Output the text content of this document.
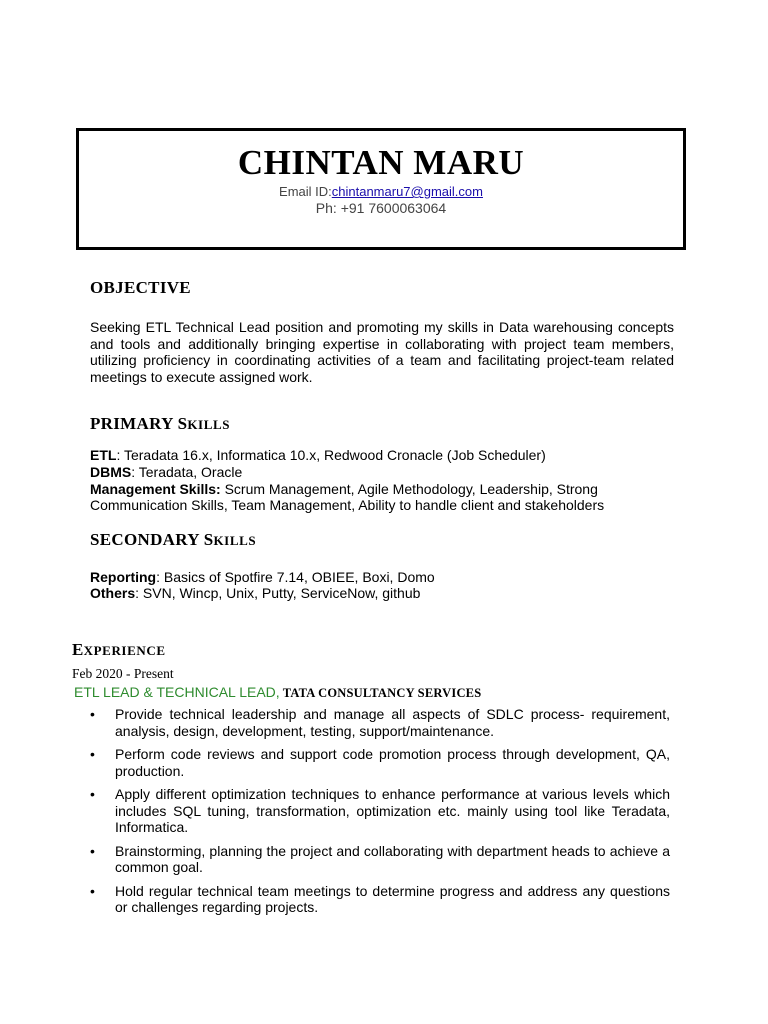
CHINTAN MARU
Email ID:chintanmaru7@gmail.com
Ph: +91 7600063064
OBJECTIVE
Seeking ETL Technical Lead position and promoting my skills in Data warehousing concepts and tools and additionally bringing expertise in collaborating with project team members, utilizing proficiency in coordinating activities of a team and facilitating project-team related meetings to execute assigned work.
PRIMARY SKILLS
ETL: Teradata 16.x, Informatica 10.x, Redwood Cronacle (Job Scheduler)
DBMS: Teradata, Oracle
Management Skills: Scrum Management, Agile Methodology, Leadership, Strong
Communication Skills, Team Management, Ability to handle client and stakeholders
SECONDARY SKILLS
Reporting: Basics of Spotfire 7.14, OBIEE, Boxi, Domo
Others: SVN, Wincp, Unix, Putty, ServiceNow, github
EXPERIENCE
Feb 2020 - Present
ETL LEAD & TECHNICAL LEAD, TATA CONSULTANCY SERVICES
• Provide technical leadership and manage all aspects of SDLC process- requirement, analysis, design, development, testing, support/maintenance.
• Perform code reviews and support code promotion process through development, QA, production.
• Apply different optimization techniques to enhance performance at various levels which includes SQL tuning, transformation, optimization etc. mainly using tool like Teradata, Informatica.
• Brainstorming, planning the project and collaborating with department heads to achieve a common goal.
• Hold regular technical team meetings to determine progress and address any questions or challenges regarding projects.
